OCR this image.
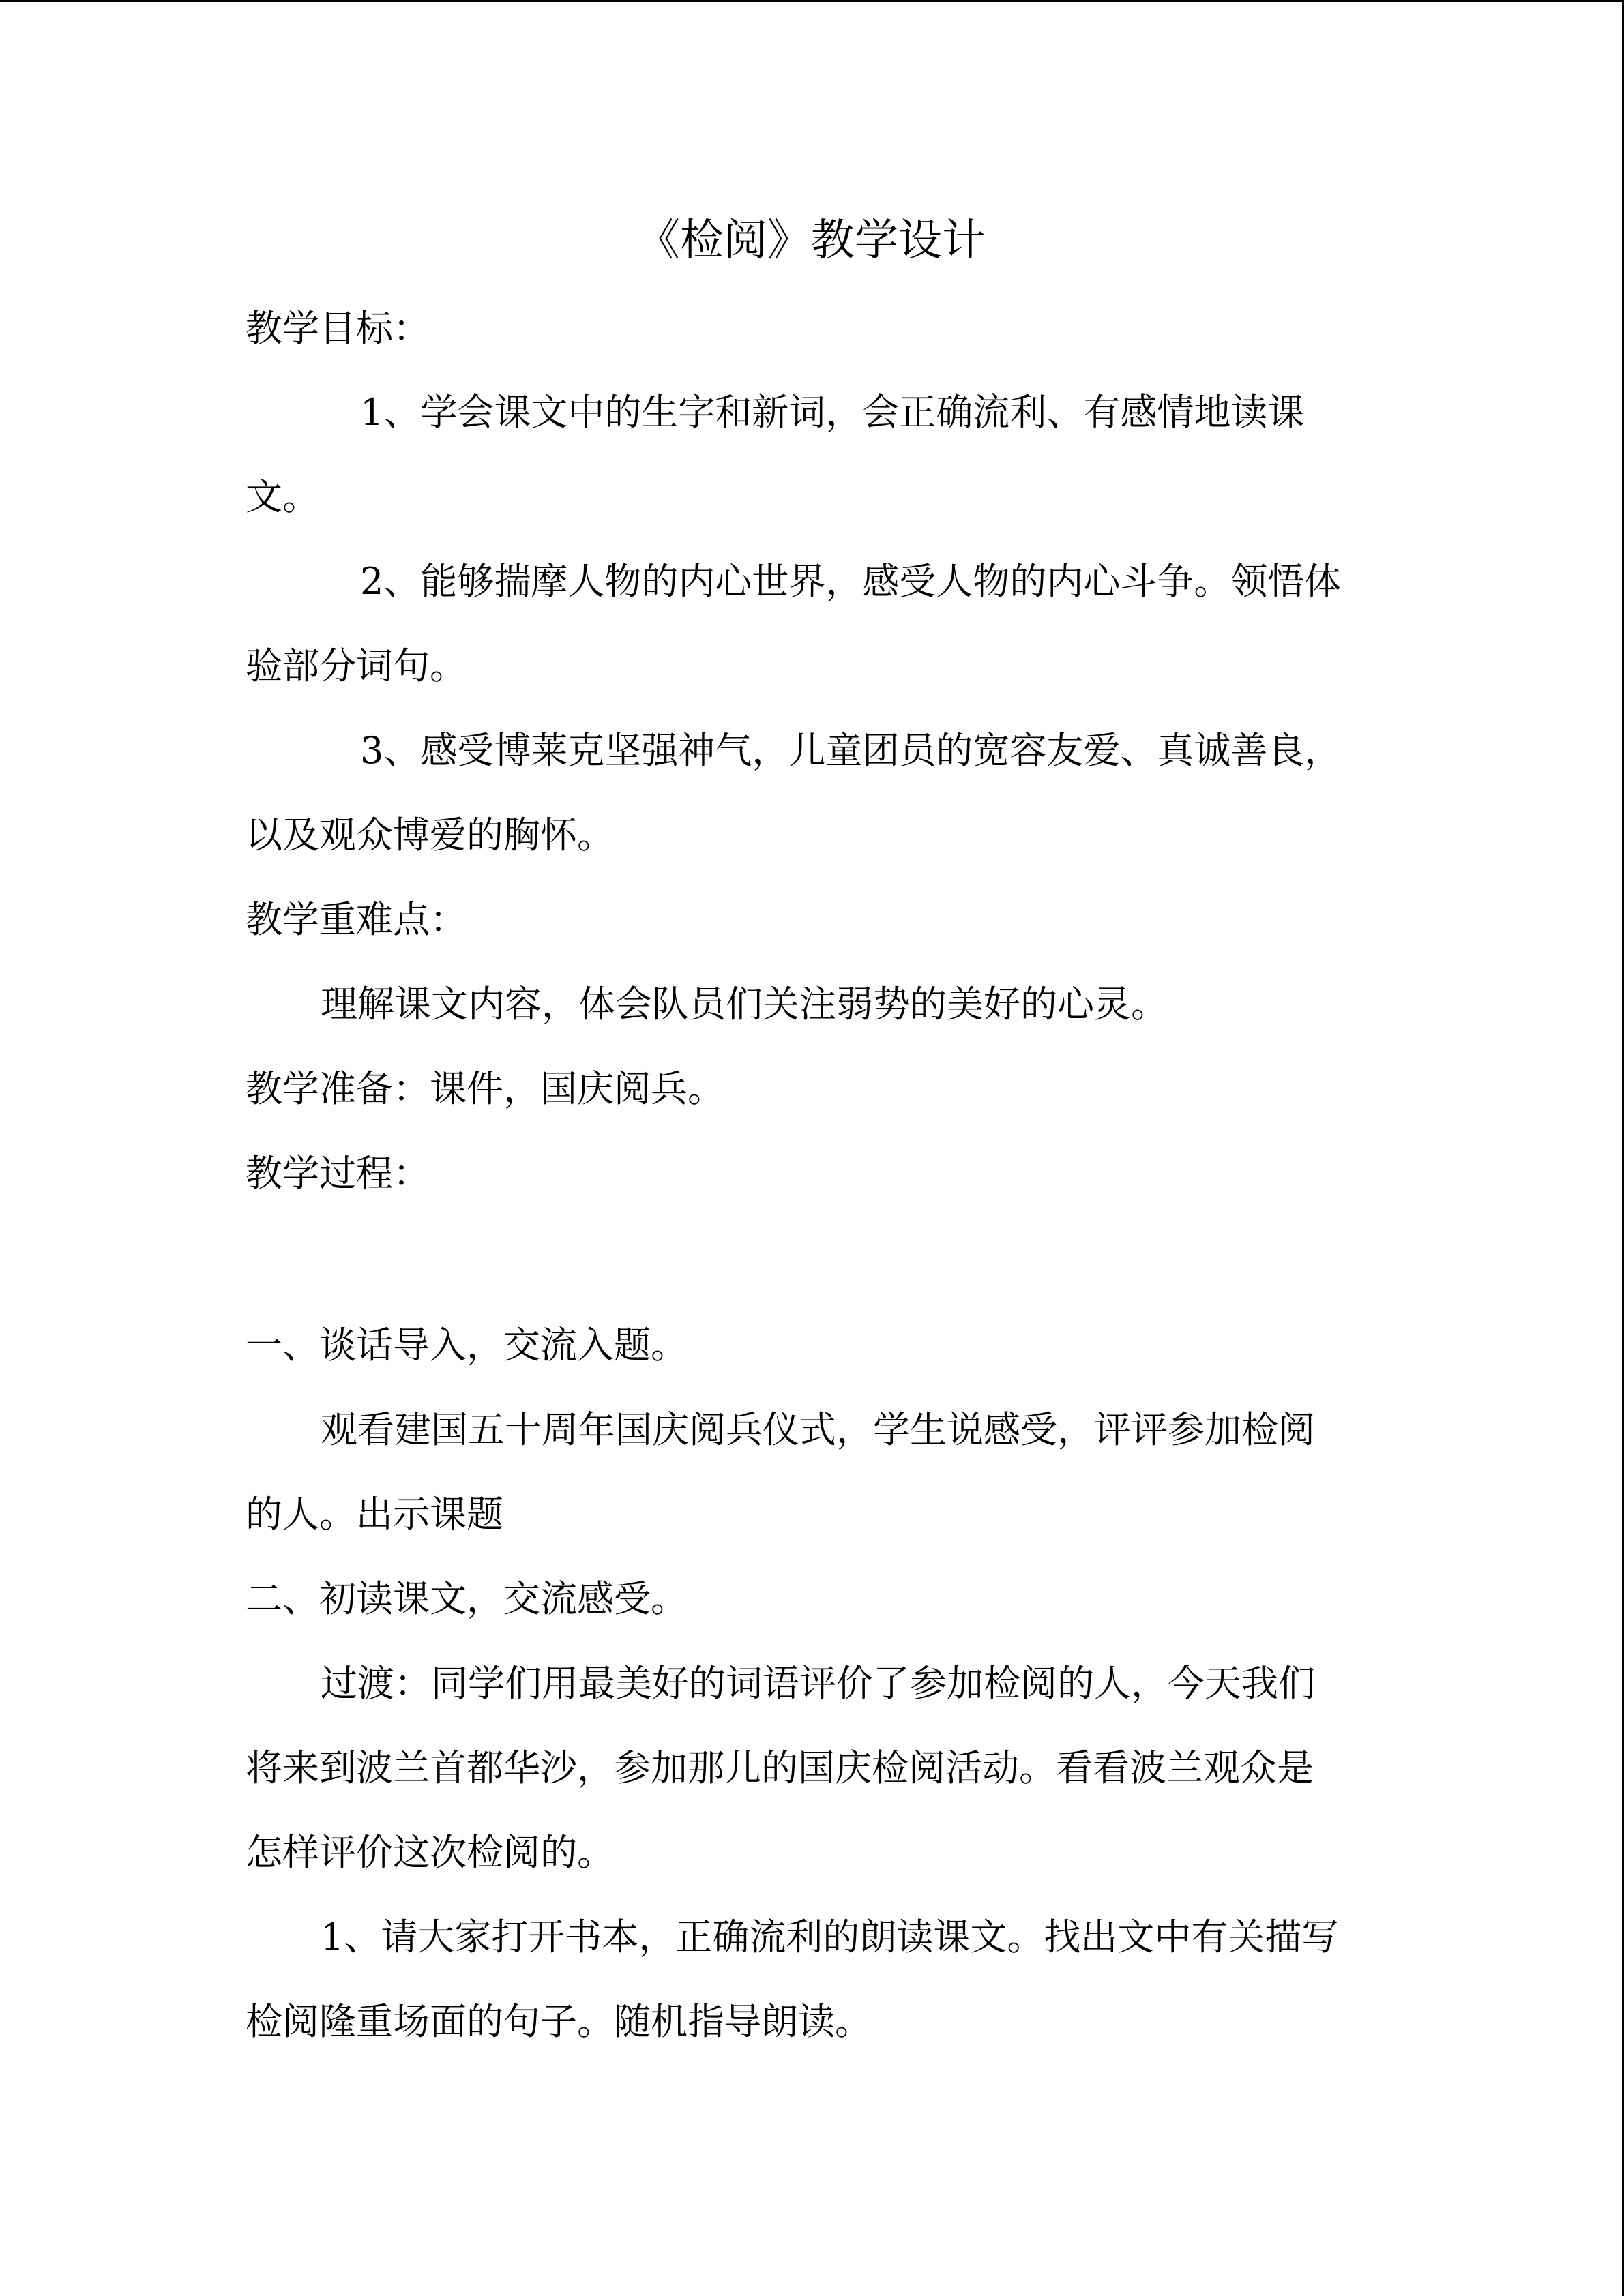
《检阅》教学设计

教学目标：

1、学会课文中的生字和新词，会正确流利、有感情地读课

文。

2、能够揣摩人物的内心世界，感受人物的内心斗争。领悟体

验部分词句。

3、感受博莱克坚强神气，儿童团员的宽容友爱、真诚善良，

以及观众博爱的胸怀。

教学重难点：

理解课文内容，体会队员们关注弱势的美好的心灵。

教学准备：课件，国庆阅兵。

教学过程：

一、谈话导入，交流入题。

观看建国五十周年国庆阅兵仪式，学生说感受，评评参加检阅

的人。出示课题

二、初读课文，交流感受。

过渡：同学们用最美好的词语评价了参加检阅的人，今天我们

将来到波兰首都华沙，参加那儿的国庆检阅活动。看看波兰观众是

怎样评价这次检阅的。

1、请大家打开书本，正确流利的朗读课文。找出文中有关描写

检阅隆重场面的句子。随机指导朗读。
